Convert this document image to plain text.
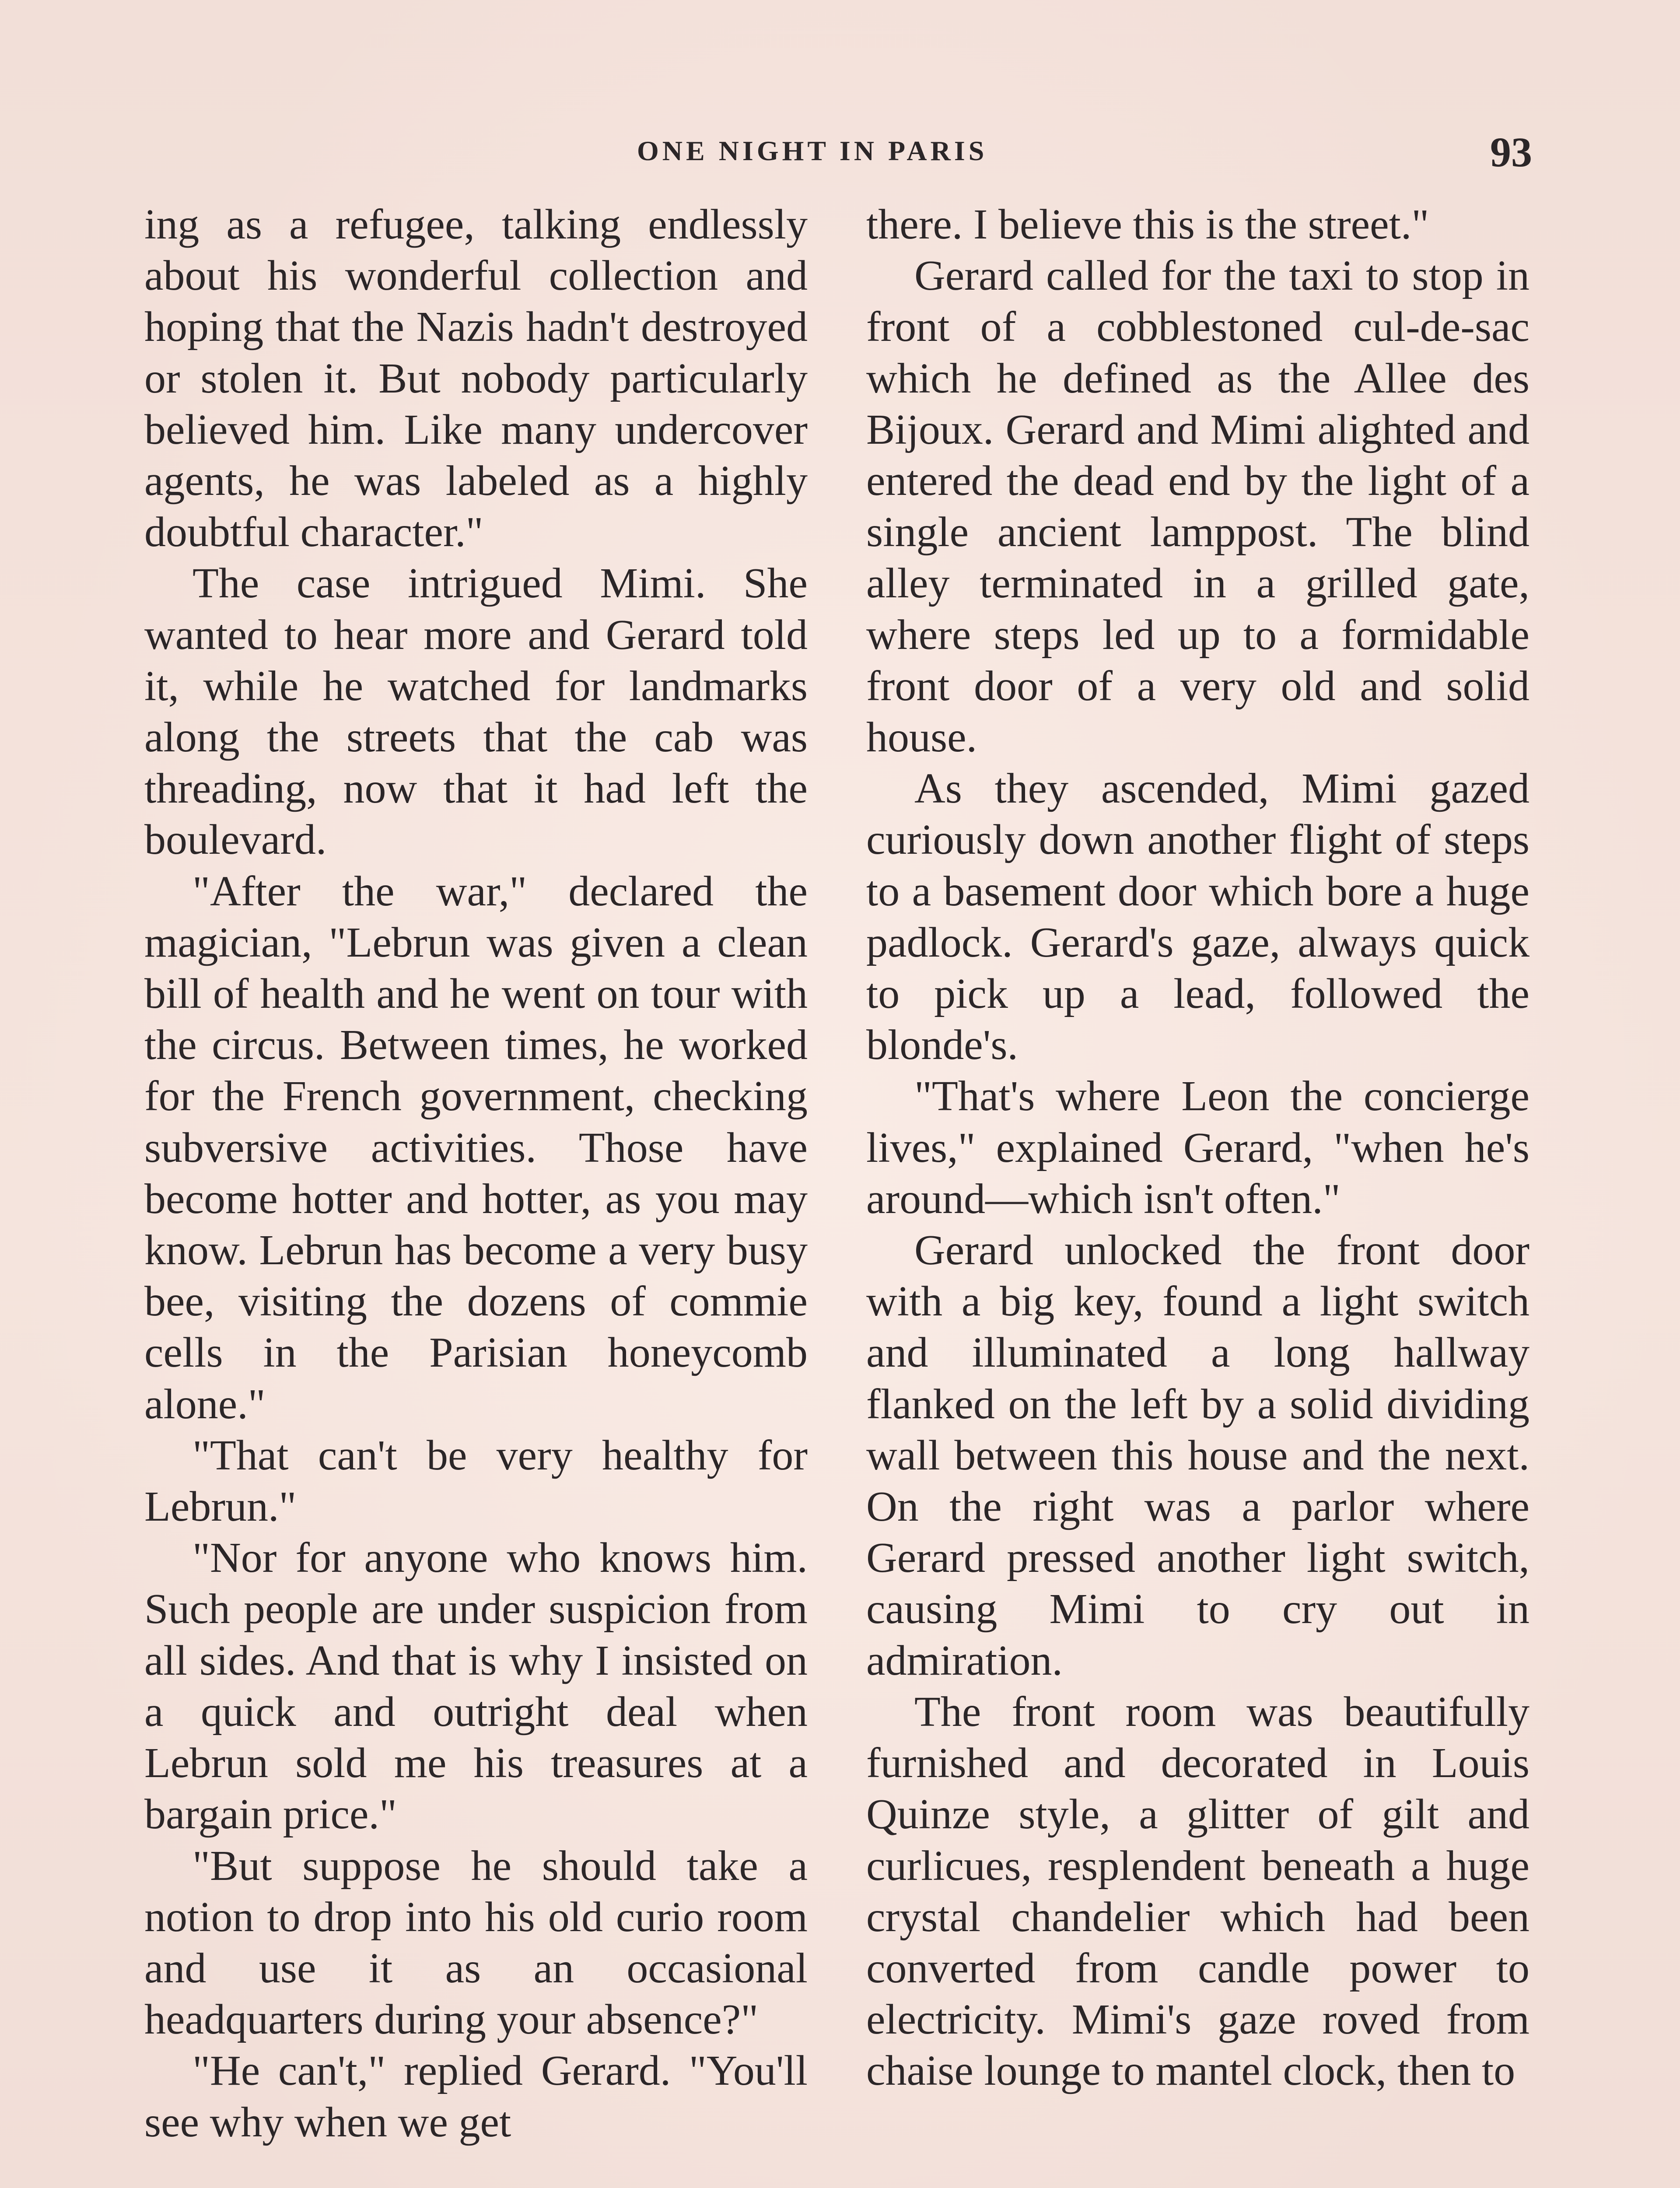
ONE NIGHT IN PARIS	93

ing as a refugee, talking endlessly about his wonderful collection and hoping that the Nazis hadn't destroyed or stolen it. But nobody particularly believed him. Like many undercover agents, he was labeled as a highly doubtful character."

The case intrigued Mimi. She wanted to hear more and Gerard told it, while he watched for landmarks along the streets that the cab was threading, now that it had left the boulevard.

"After the war," declared the magician, "Lebrun was given a clean bill of health and he went on tour with the circus. Between times, he worked for the French government, checking subversive activities. Those have become hotter and hotter, as you may know. Lebrun has become a very busy bee, visiting the dozens of commie cells in the Parisian honeycomb alone."

"That can't be very healthy for Lebrun."

"Nor for anyone who knows him. Such people are under suspicion from all sides. And that is why I insisted on a quick and outright deal when Lebrun sold me his treasures at a bargain price."

"But suppose he should take a notion to drop into his old curio room and use it as an occasional headquarters during your absence?"

"He can't," replied Gerard. "You'll see why when we get

there. I believe this is the street."

Gerard called for the taxi to stop in front of a cobblestoned cul-de-sac which he defined as the Allee des Bijoux. Gerard and Mimi alighted and entered the dead end by the light of a single ancient lamppost. The blind alley terminated in a grilled gate, where steps led up to a formidable front door of a very old and solid house.

As they ascended, Mimi gazed curiously down another flight of steps to a basement door which bore a huge padlock. Gerard's gaze, always quick to pick up a lead, followed the blonde's.

"That's where Leon the concierge lives," explained Gerard, "when he's around—which isn't often."

Gerard unlocked the front door with a big key, found a light switch and illuminated a long hallway flanked on the left by a solid dividing wall between this house and the next. On the right was a parlor where Gerard pressed another light switch, causing Mimi to cry out in admiration.

The front room was beautifully furnished and decorated in Louis Quinze style, a glitter of gilt and curlicues, resplendent beneath a huge crystal chandelier which had been converted from candle power to electricity. Mimi's gaze roved from chaise lounge to mantel clock, then to
